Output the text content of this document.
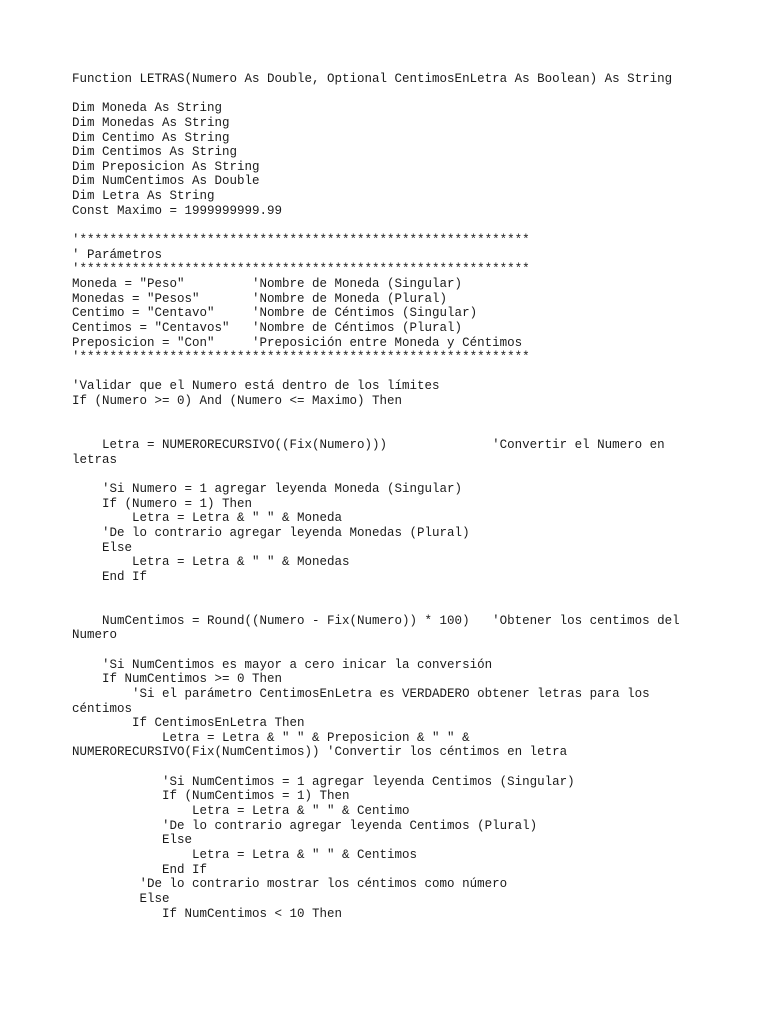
Function LETRAS(Numero As Double, Optional CentimosEnLetra As Boolean) As String
Dim Moneda As String
Dim Monedas As String
Dim Centimo As String
Dim Centimos As String
Dim Preposicion As String
Dim NumCentimos As Double
Dim Letra As String
Const Maximo = 1999999999.99
'************************************************************
' Parámetros
'************************************************************
Moneda = "Peso"         'Nombre de Moneda (Singular)
Monedas = "Pesos"       'Nombre de Moneda (Plural)
Centimo = "Centavo"     'Nombre de Céntimos (Singular)
Centimos = "Centavos"   'Nombre de Céntimos (Plural)
Preposicion = "Con"     'Preposición entre Moneda y Céntimos
'************************************************************
'Validar que el Numero está dentro de los límites
If (Numero >= 0) And (Numero <= Maximo) Then
Letra = NUMERORECURSIVO((Fix(Numero)))              'Convertir el Numero en
letras
'Si Numero = 1 agregar leyenda Moneda (Singular)
If (Numero = 1) Then
Letra = Letra & " " & Moneda
'De lo contrario agregar leyenda Monedas (Plural)
Else
Letra = Letra & " " & Monedas
End If
NumCentimos = Round((Numero - Fix(Numero)) * 100)   'Obtener los centimos del
Numero
'Si NumCentimos es mayor a cero inicar la conversión
If NumCentimos >= 0 Then
'Si el parámetro CentimosEnLetra es VERDADERO obtener letras para los
céntimos
If CentimosEnLetra Then
Letra = Letra & " " & Preposicion & " " &
NUMERORECURSIVO(Fix(NumCentimos)) 'Convertir los céntimos en letra
'Si NumCentimos = 1 agregar leyenda Centimos (Singular)
If (NumCentimos = 1) Then
Letra = Letra & " " & Centimo
'De lo contrario agregar leyenda Centimos (Plural)
Else
Letra = Letra & " " & Centimos
End If
'De lo contrario mostrar los céntimos como número
Else
If NumCentimos < 10 Then
